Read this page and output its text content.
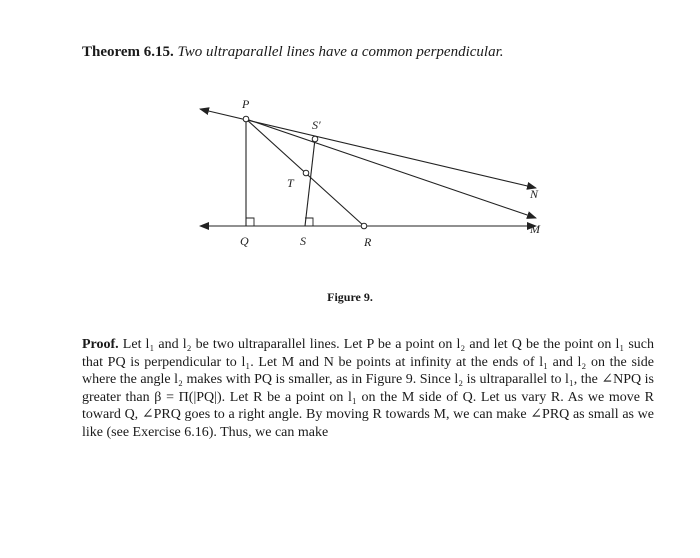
Theorem 6.15. Two ultraparallel lines have a common perpendicular.
P
S′
T
N
M
Q	S	R
Figure 9.
Proof. Let l₁ and l₂ be two ultraparallel lines. Let P be a point on l₂ and let Q be the point on l₁ such that PQ is perpendicular to l₁. Let M and N be points at infinity at the ends of l₁ and l₂ on the side where the angle l₂ makes with PQ is smaller, as in Figure 9. Since l₂ is ultraparallel to l₁, the ∠NPQ is greater than β = Π(|PQ|). Let R be a point on l₁ on the M side of Q. Let us vary R. As we move R toward Q, ∠PRQ goes to a right angle. By moving R towards M, we can make ∠PRQ as small as we like (see Exercise 6.16). Thus, we can make
